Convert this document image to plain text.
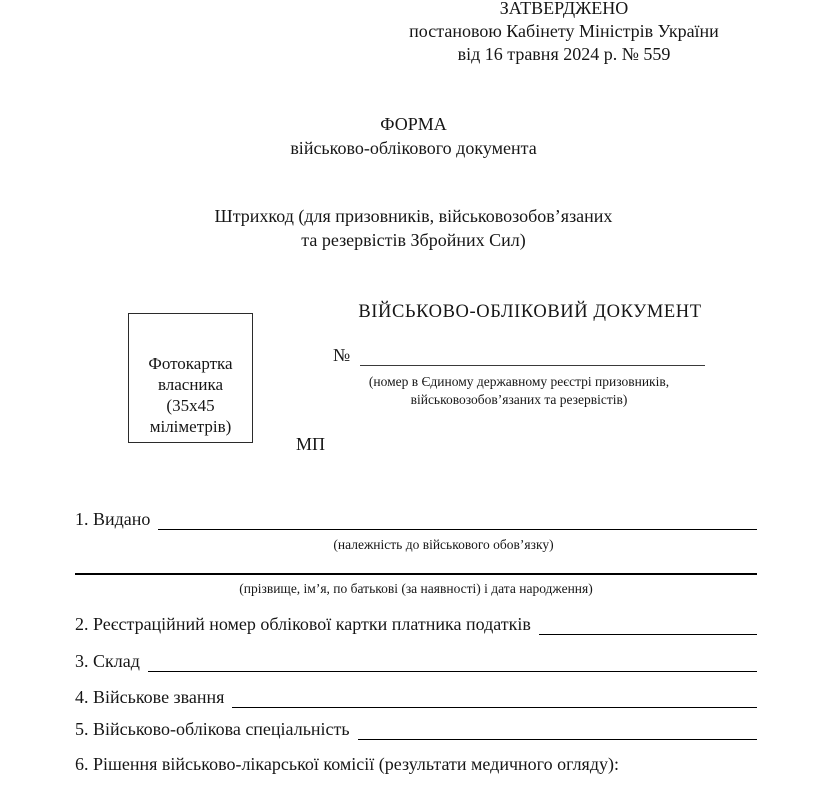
ЗАТВЕРДЖЕНО
постановою Кабінету Міністрів України
від 16 травня 2024 р. № 559
ФОРМА
військово-облікового документа
Штрихкод (для призовників, військовозобов’язаних
та резервістів Збройних Сил)
Фотокартка
власника
(35х45
міліметрів)
ВІЙСЬКОВО-ОБЛІКОВИЙ ДОКУМЕНТ
№
(номер в Єдиному державному реєстрі призовників,
військовозобов’язаних та резервістів)
МП
1. Видано
(належність до військового обов’язку)
(прізвище, ім’я, по батькові (за наявності) і дата народження)
2. Реєстраційний номер облікової картки платника податків
3. Склад
4. Військове звання
5. Військово-облікова спеціальність
6. Рішення військово-лікарської комісії (результати медичного огляду):
